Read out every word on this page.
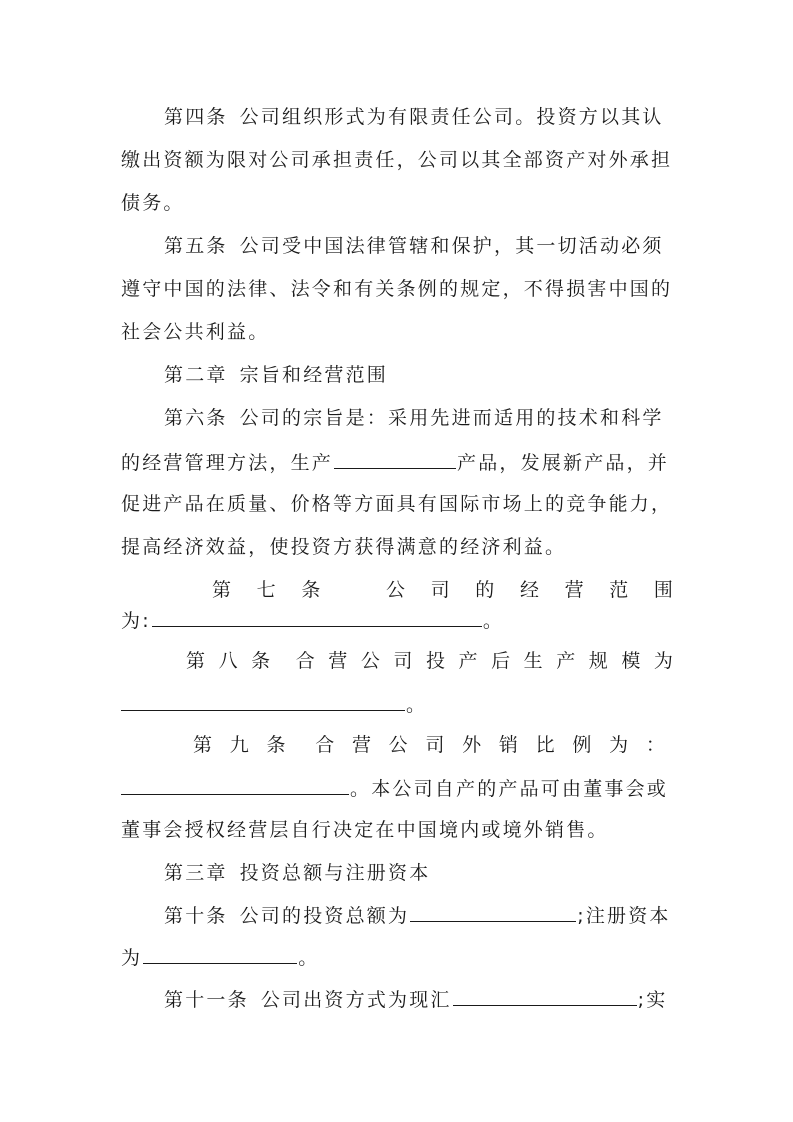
第四条 公司组织形式为有限责任公司。投资方以其认
缴出资额为限对公司承担责任，公司以其全部资产对外承担
债务。
第五条 公司受中国法律管辖和保护，其一切活动必须
遵守中国的法律、法令和有关条例的规定，不得损害中国的
社会公共利益。
第二章 宗旨和经营范围
第六条 公司的宗旨是：采用先进而适用的技术和科学
的经营管理方法，生产	产品，发展新产品，并
促进产品在质量、价格等方面具有国际市场上的竞争能力，
提高经济效益，使投资方获得满意的经济利益。
第 七 条	公 司 的 经 营 范 围
为:	。
第 八 条 合 营 公 司 投 产 后 生 产 规 模 为
。
第 九 条 合 营 公 司 外 销 比 例 为 ：
。本公司自产的产品可由董事会或
董事会授权经营层自行决定在中国境内或境外销售。
第三章 投资总额与注册资本
第十条 公司的投资总额为	;注册资本
为	。
第十一条 公司出资方式为现汇	;实
